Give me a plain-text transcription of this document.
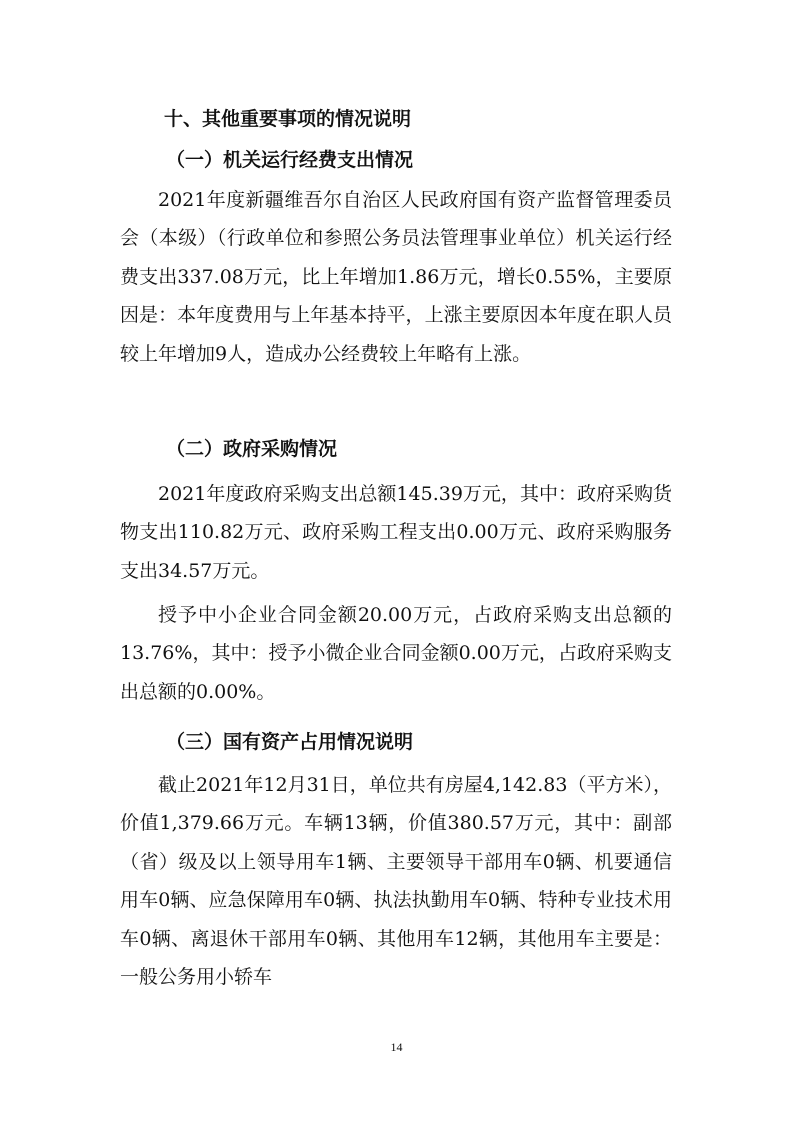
十、其他重要事项的情况说明
（一）机关运行经费支出情况

2021年度新疆维吾尔自治区人民政府国有资产监督管理委员会（本级）（行政单位和参照公务员法管理事业单位）机关运行经费支出337.08万元，比上年增加1.86万元，增长0.55%，主要原因是：本年度费用与上年基本持平，上涨主要原因本年度在职人员较上年增加9人，造成办公经费较上年略有上涨。

（二）政府采购情况

2021年度政府采购支出总额145.39万元，其中：政府采购货物支出110.82万元、政府采购工程支出0.00万元、政府采购服务支出34.57万元。

授予中小企业合同金额20.00万元，占政府采购支出总额的13.76%，其中：授予小微企业合同金额0.00万元，占政府采购支出总额的0.00%。

（三）国有资产占用情况说明

截止2021年12月31日，单位共有房屋4,142.83（平方米），价值1,379.66万元。车辆13辆，价值380.57万元，其中：副部（省）级及以上领导用车1辆、主要领导干部用车0辆、机要通信用车0辆、应急保障用车0辆、执法执勤用车0辆、特种专业技术用车0辆、离退休干部用车0辆、其他用车12辆，其他用车主要是：一般公务用小轿车

14
